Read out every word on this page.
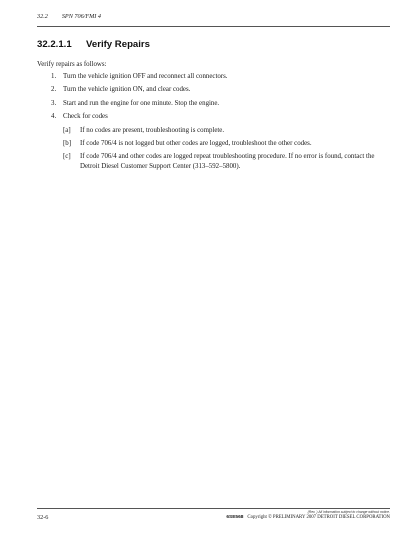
32.2 SPN 706/FMI 4
32.2.1.1 Verify Repairs
Verify repairs as follows:
1. Turn the vehicle ignition OFF and reconnect all connectors.
2. Turn the vehicle ignition ON, and clear codes.
3. Start and run the engine for one minute. Stop the engine.
4. Check for codes
[a] If no codes are present, troubleshooting is complete.
[b] If code 706/4 is not logged but other codes are logged, troubleshoot the other codes.
[c] If code 706/4 and other codes are logged repeat troubleshooting procedure. If no error is found, contact the Detroit Diesel Customer Support Center (313–592–5800).
(Rev. ) All information subject to change without notice.
32-6	6SE568 Copyright © PRELIMINARY 2007 DETROIT DIESEL CORPORATION
